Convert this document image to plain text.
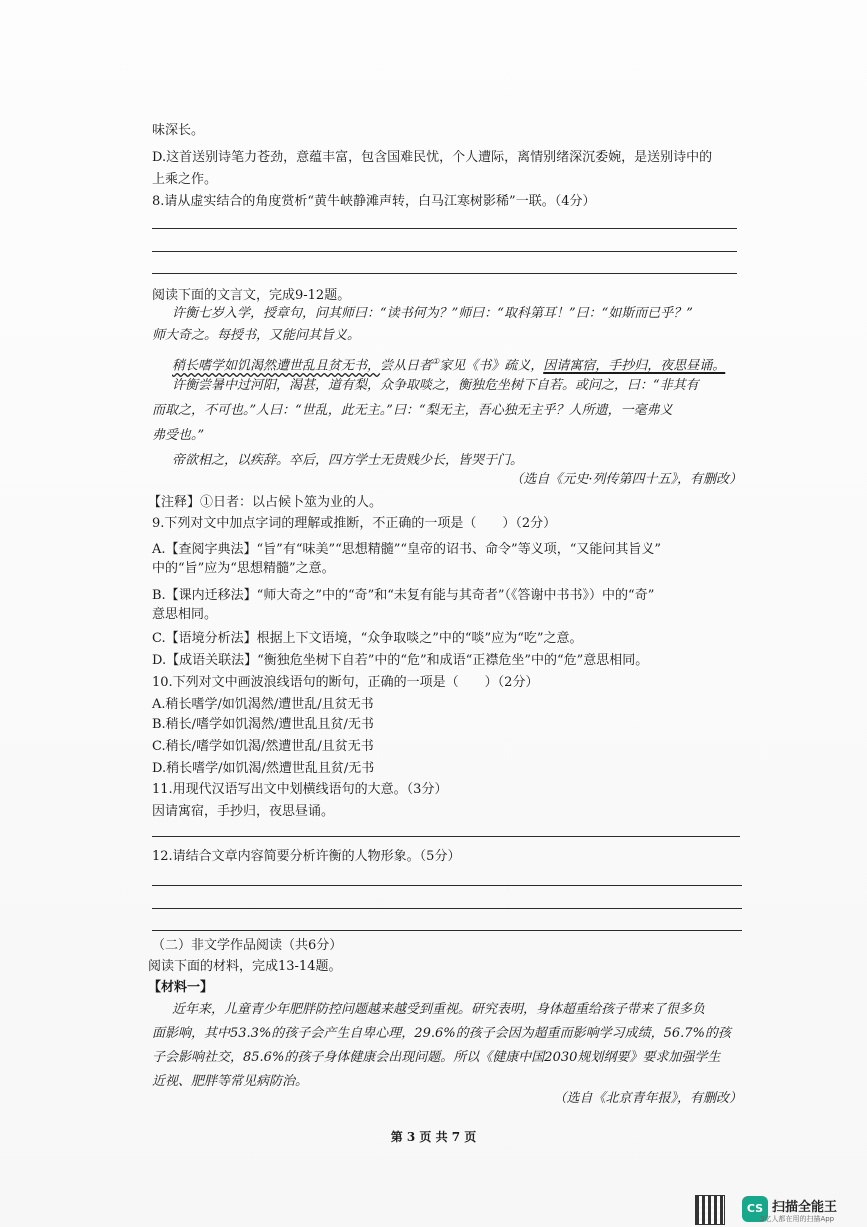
味深长。
D.这首送别诗笔力苍劲，意蕴丰富，包含国难民忧，个人遭际，离情别绪深沉委婉，是送别诗中的
上乘之作。
8.请从虚实结合的角度赏析“黄牛峡静滩声转，白马江寒树影稀”一联。（4分）
阅读下面的文言文，完成9-12题。
许衡七岁入学，授章句，问其师曰：“读书何为？”师曰：“取科第耳！”曰：“如斯而已乎？”
师大奇之。每授书，又能问其旨义。
稍长嗜学如饥渴然遭世乱且贫无书，尝从日者①家见《书》疏义，因请寓宿，手抄归，夜思昼诵。
许衡尝暑中过河阳，渴甚，道有梨，众争取啖之，衡独危坐树下自若。或问之，曰：“非其有
而取之，不可也。”人曰：“世乱，此无主。”曰：“梨无主，吾心独无主乎？人所遗，一毫弗义
弗受也。”
帝欲相之，以疾辞。卒后，四方学士无贵贱少长，皆哭于门。
（选自《元史·列传第四十五》，有删改）
【注释】①日者：以占候卜筮为业的人。
9.下列对文中加点字词的理解或推断，不正确的一项是（　　）（2分）
A.【查阅字典法】“旨”有“味美”“思想精髓”“皇帝的诏书、命令”等义项，“又能问其旨义”
中的“旨”应为“思想精髓”之意。
B.【课内迁移法】“师大奇之”中的“奇”和“未复有能与其奇者”（《答谢中书书》）中的“奇”
意思相同。
C.【语境分析法】根据上下文语境，“众争取啖之”中的“啖”应为“吃”之意。
D.【成语关联法】“衡独危坐树下自若”中的“危”和成语“正襟危坐”中的“危”意思相同。
10.下列对文中画波浪线语句的断句，正确的一项是（　　）（2分）
A.稍长嗜学/如饥渴然/遭世乱/且贫无书
B.稍长/嗜学如饥渴然/遭世乱且贫/无书
C.稍长/嗜学如饥渴/然遭世乱/且贫无书
D.稍长嗜学/如饥渴/然遭世乱且贫/无书
11.用现代汉语写出文中划横线语句的大意。（3分）
因请寓宿，手抄归，夜思昼诵。
12.请结合文章内容简要分析许衡的人物形象。（5分）
（二）非文学作品阅读（共6分）
阅读下面的材料，完成13-14题。
【材料一】
近年来，儿童青少年肥胖防控问题越来越受到重视。研究表明，身体超重给孩子带来了很多负
面影响，其中53.3%的孩子会产生自卑心理，29.6%的孩子会因为超重而影响学习成绩，56.7%的孩
子会影响社交，85.6%的孩子身体健康会出现问题。所以《健康中国2030规划纲要》要求加强学生
近视、肥胖等常见病防治。
（选自《北京青年报》，有删改）
第 3 页 共 7 页
CS 扫描全能王
3亿人都在用的扫描App
